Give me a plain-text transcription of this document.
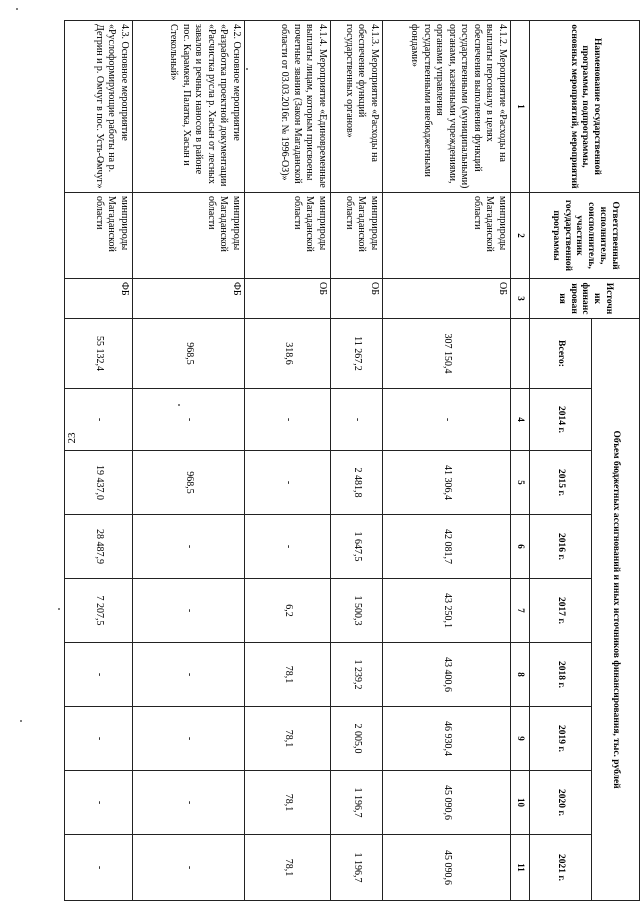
23
Наименование государственной программы, подпрограммы, основных мероприятий, мероприятий	Ответственный исполнитель, соисполнитель, участник государственной программы	Источник финансирования	Объем бюджетных ассигнований и иных источников финансирования, тыс. рублей								
			Всего:	2014 г.	2015 г.	2016 г.	2017 г.	2018 г.	2019 г.	2020 г.	2021 г.
1	2	3		4	5	6	7	8	9	10	11
4.1.2. Мероприятие «Расходы на выплаты персоналу в целях обеспечения выполнения функций государственными (муниципальными) органами, казенными учреждениями, органами управления государственными внебюджетными фондами»	минприроды Магаданской области	ОБ	307 150,4	-	41 306,4	42 081,7	43 250,1	43 400,6	46 930,4	45 090,6	45 090,6
4.1.3. Мероприятие «Расходы на обеспечение функций государственных органов»	минприроды Магаданской области	ОБ	11 267,2	-	2 481,8	1 647,5	1 500,3	1 239,2	2 005,0	1 196,7	1 196,7
4.1.4. Мероприятие «Единовременные выплаты лицам, которым присвоены почетные звания (Закон Магаданской области от 03.03.2016г. № 1996-ОЗ)»	минприроды Магаданской области	ОБ	318,6	-	-	-	6,2	78,1	78,1	78,1	78,1
4.2. Основное мероприятие «Разработка проектной документации «Расчистка русла р. Хасын от лесных завалов и речных наносов в районе пос. Карамкен, Палатка, Хасын и Стекольный»	минприроды Магаданской области	ФБ	968,5	-	968,5	-	-	-	-	-	-
4.3. Основное мероприятие «Руслоформирующие работы на р. Детрин и р. Омчуг в пос. Усть-Омчуг»	минприроды Магаданской области	ФБ	55 132,4	-	19 437,0	28 487,9	7 207,5	-	-	-	-
